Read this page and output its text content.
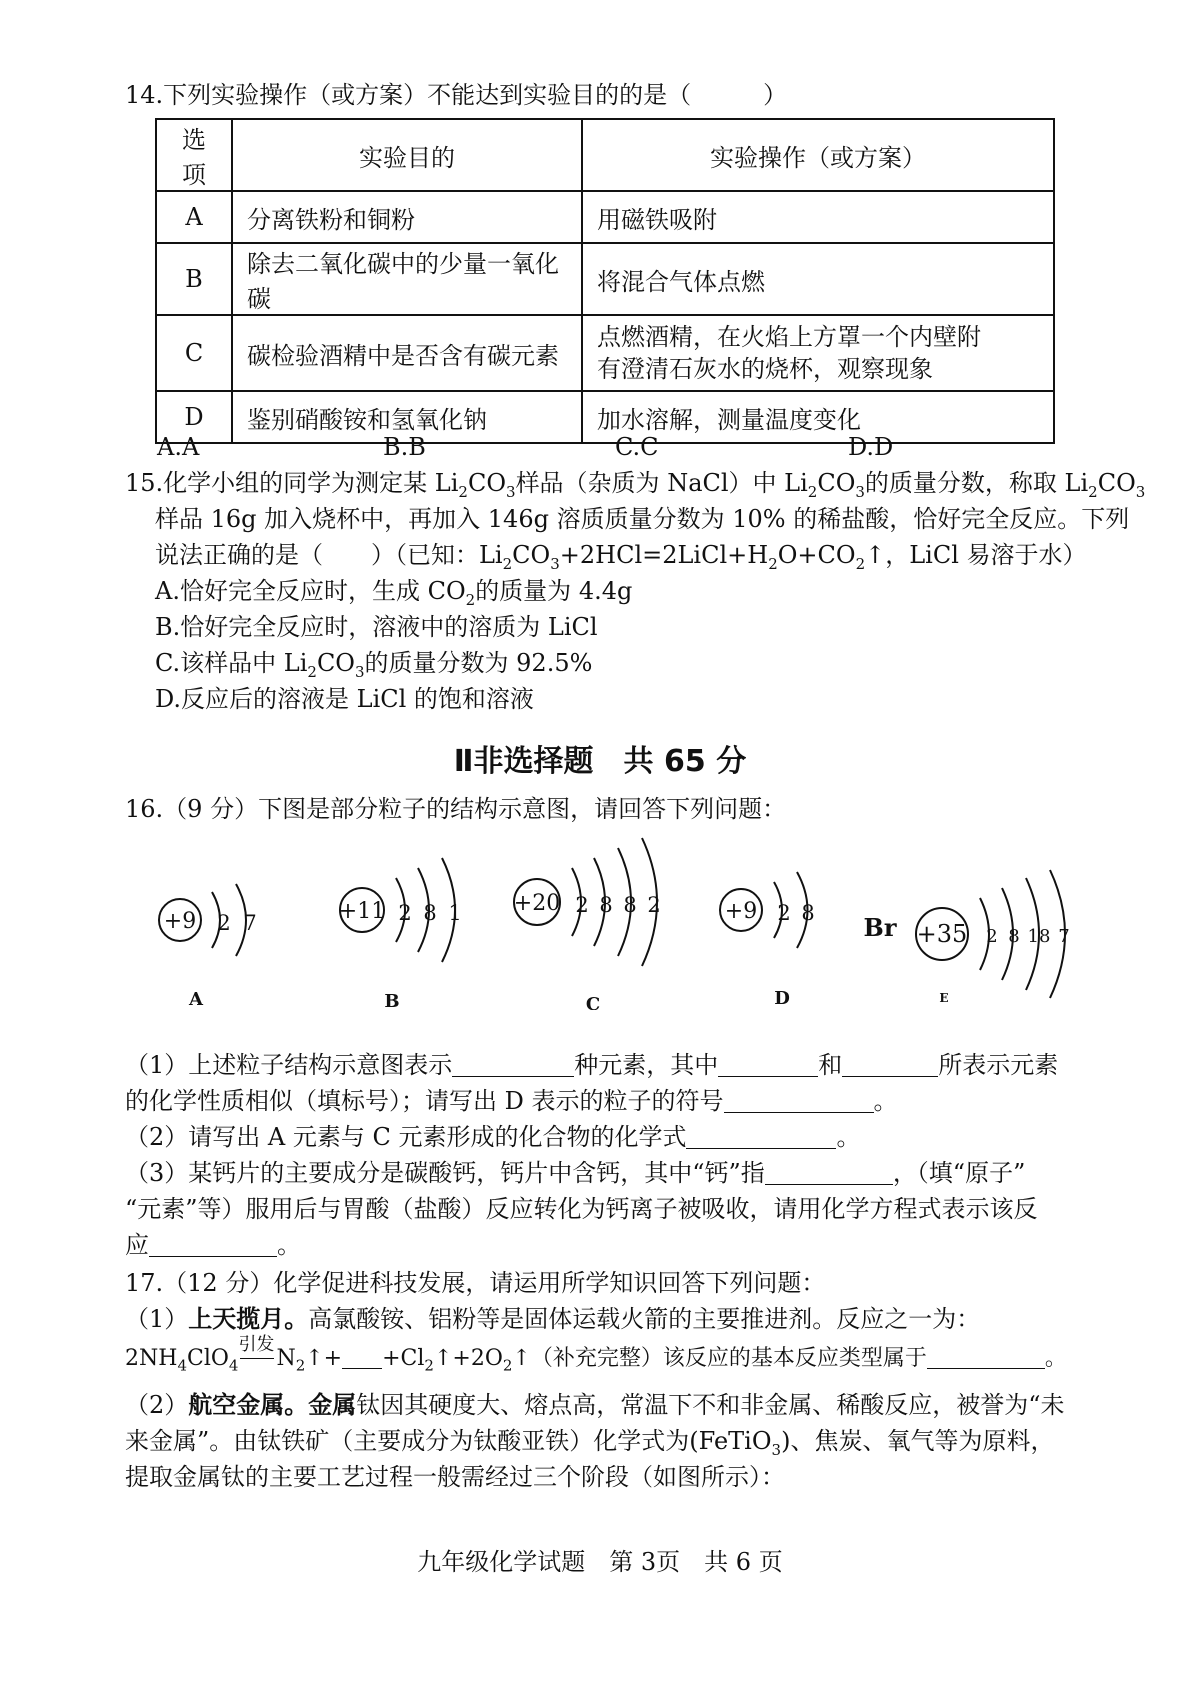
14.下列实验操作（或方案）不能达到实验目的的是（　　　）
选项	实验目的	实验操作（或方案）
A	分离铁粉和铜粉	用磁铁吸附
B	除去二氧化碳中的少量一氧化碳	将混合气体点燃
C	碳检验酒精中是否含有碳元素	点燃酒精，在火焰上方罩一个内壁附
有澄清石灰水的烧杯，观察现象

D	鉴别硝酸铵和氢氧化钠	加水溶解，测量温度变化
A.A	B.B	C.C	D.D
15.化学小组的同学为测定某 $Li_2CO_3$样品（杂质为 NaCl）中 $Li_2CO_3$的质量分数，称取 $Li_2CO_3$
样品 16g 加入烧杯中，再加入 146g 溶质质量分数为 10% 的稀盐酸，恰好完全反应。下列
说法正确的是（　　）（已知：$Li_2CO_3+2HCl=2LiCl+H_2O+CO_2↑$，LiCl 易溶于水）
A.恰好完全反应时，生成 $CO_2$的质量为 4.4g
B.恰好完全反应时，溶液中的溶质为 LiCl
C.该样品中 $Li_2CO_3$的质量分数为 92.5%
D.反应后的溶液是 LiCl 的饱和溶液
Ⅱ非选择题　共 65 分
16.（9 分）下图是部分粒子的结构示意图，请回答下列问题：
+9 2 7
A
+11 2 8 1
B
+20 2 8 8 2
C
+9 2 8
D
Br +35 2 8 18 7
E
（1）上述粒子结构示意图表示	种元素，其中	和	所表示元素
的化学性质相似（填标号）；请写出 D 表示的粒子的符号	。
（2）请写出 A 元素与 C 元素形成的化合物的化学式	。
（3）某钙片的主要成分是碳酸钙，钙片中含钙，其中“钙”指	，（填“原子”
“元素”等）服用后与胃酸（盐酸）反应转化为钙离子被吸收，请用化学方程式表示该反
应	。
17.（12 分）化学促进科技发展，请运用所学知识回答下列问题：
（1）上天揽月。高氯酸铵、铝粉等是固体运载火箭的主要推进剂。反应之一为：
$2NH_4ClO_4$
引发
$N_2↑+$ $+Cl_2↑+2O_2↑$（补充完整）该反应的基本反应类型属于	。
（2）航空金属。金属钛因其硬度大、熔点高，常温下不和非金属、稀酸反应，被誉为“未
来金属”。由钛铁矿（主要成分为钛酸亚铁）化学式为(FeTiO$_3$)、焦炭、氧气等为原料，
提取金属钛的主要工艺过程一般需经过三个阶段（如图所示）：
九年级化学试题　第 3页　共 6 页
